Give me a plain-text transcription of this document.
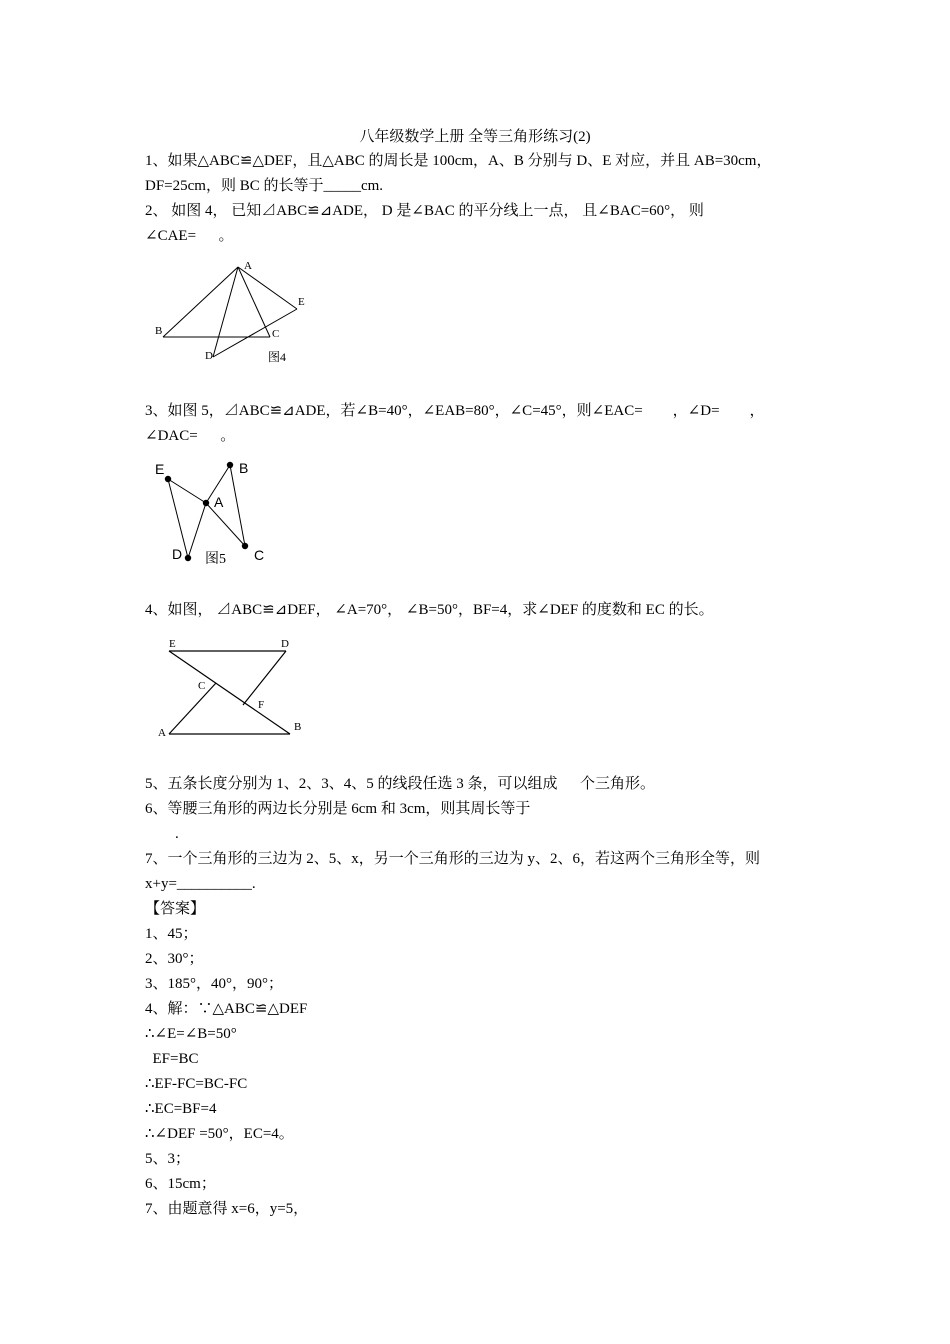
八年级数学上册 全等三角形练习(2)
1、如果△ABC≌△DEF，且△ABC 的周长是 100cm，A、B 分别与 D、E 对应，并且 AB=30cm，
DF=25cm，则 BC 的长等于_____cm.
2、 如图 4， 已知⊿ABC≌⊿ADE， D 是∠BAC 的平分线上一点， 且∠BAC=60°， 则
∠CAE=      。
A
B	C
D
E
图4
3、如图 5，⊿ABC≌⊿ADE，若∠B=40°，∠EAB=80°，∠C=45°，则∠EAC=        ，∠D=        ，
∠DAC=      。
E	B
A
D	C
图5
4、如图， ⊿ABC≌⊿DEF， ∠A=70°， ∠B=50°，BF=4，求∠DEF 的度数和 EC 的长。
E	D
C
F
A	B
5、五条长度分别为 1、2、3、4、5 的线段任选 3 条，可以组成      个三角形。
6、等腰三角形的两边长分别是 6cm 和 3cm，则其周长等于
.
7、一个三角形的三边为 2、5、x，另一个三角形的三边为 y、2、6，若这两个三角形全等，则
x+y=__________.
【答案】
1、45；
2、30°；
3、185°，40°，90°；
4、解：∵△ABC≌△DEF
∴∠E=∠B=50°
EF=BC
∴EF-FC=BC-FC
∴EC=BF=4
∴∠DEF =50°，EC=4。
5、3；
6、15cm；
7、由题意得 x=6，y=5，
